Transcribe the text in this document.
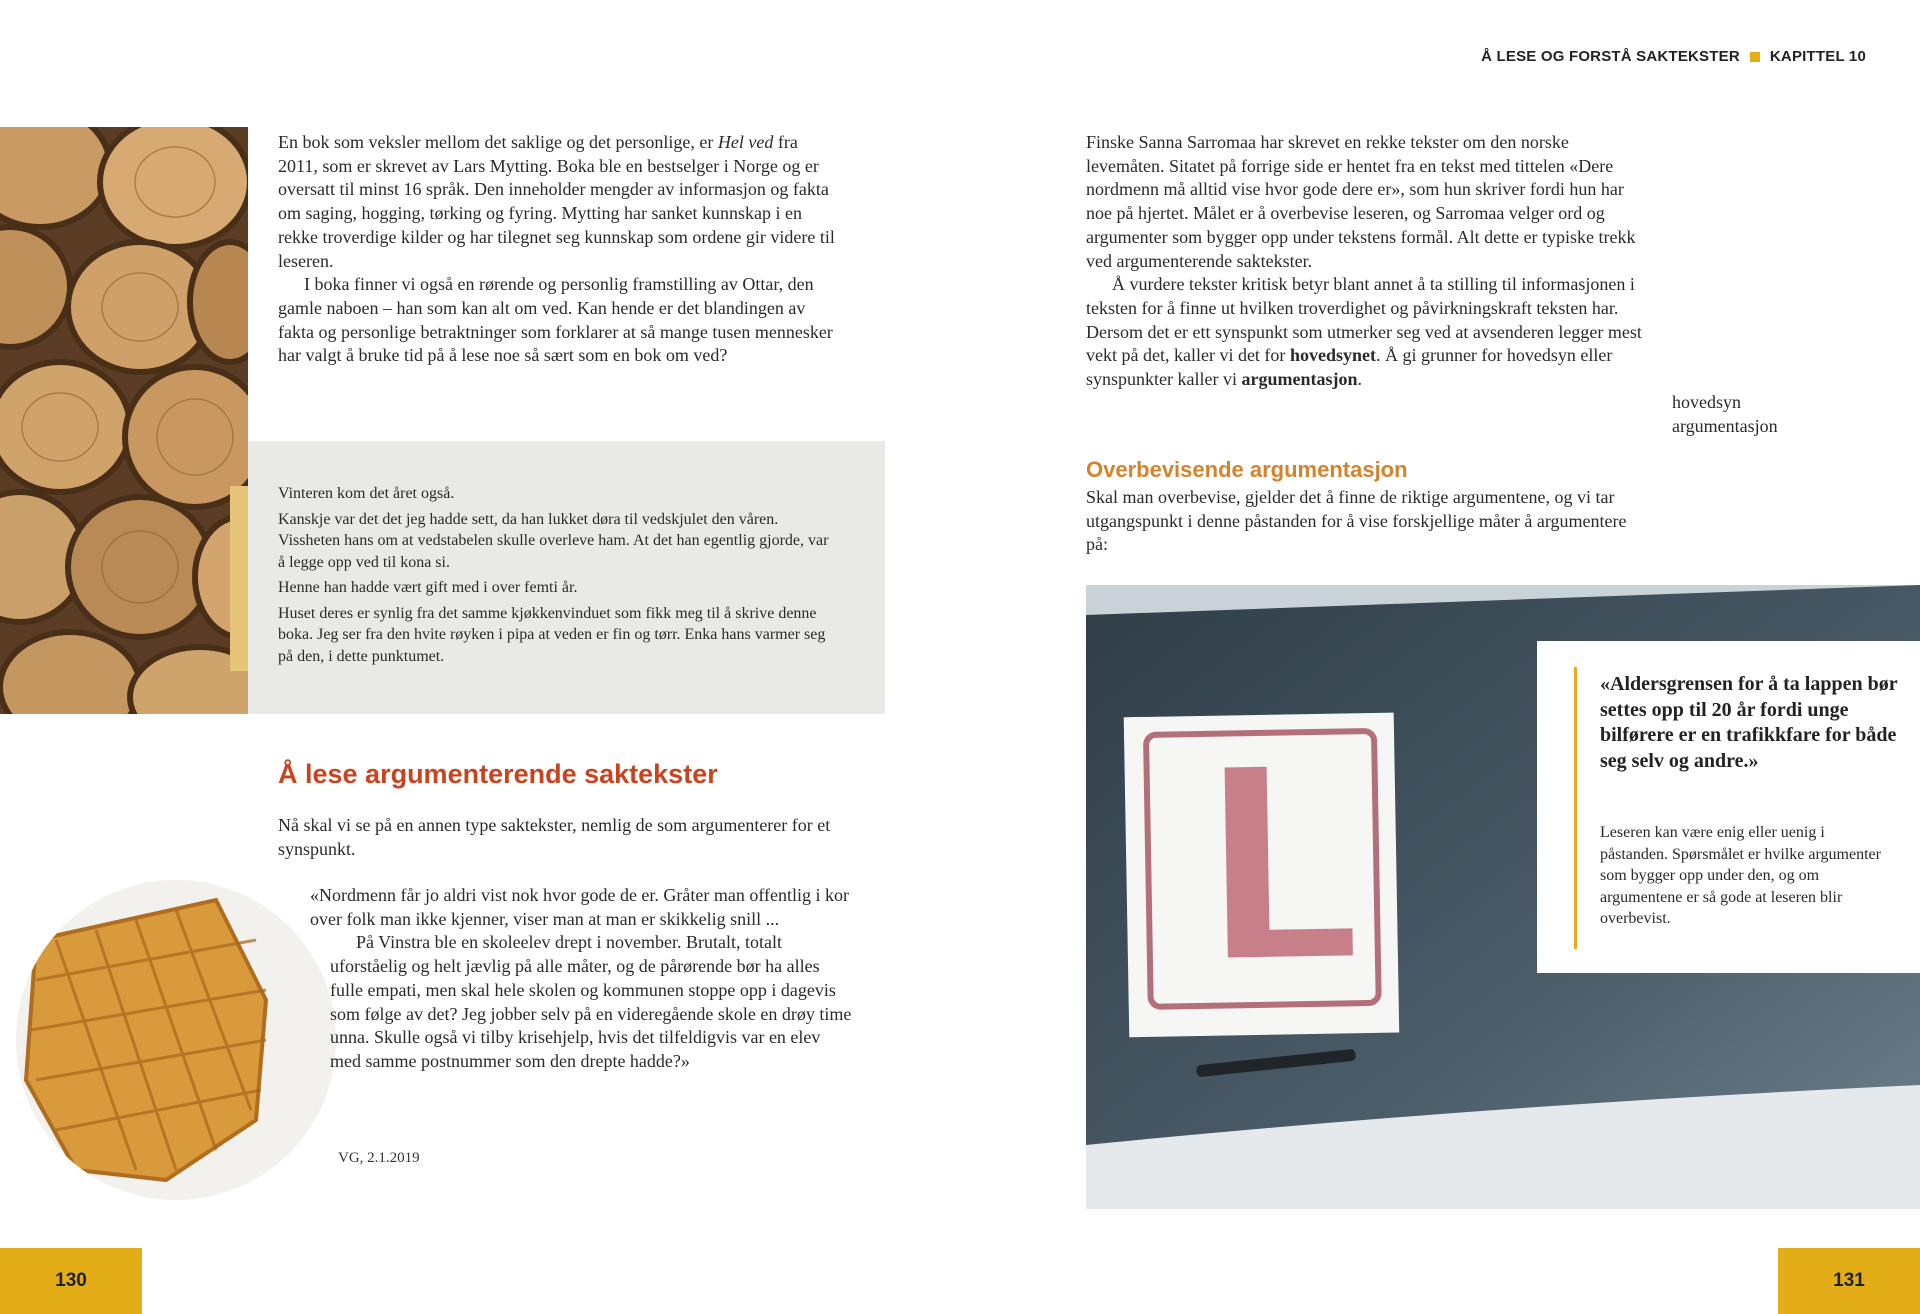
Å LESE OG FORSTÅ SAKTEKSTER KAPITTEL 10

En bok som veksler mellom det saklige og det personlige, er Hel ved fra 2011, som er skrevet av Lars Mytting. Boka ble en bestselger i Norge og er oversatt til minst 16 språk. Den inneholder mengder av informasjon og fakta om saging, hogging, tørking og fyring. Mytting har sanket kunnskap i en rekke troverdige kilder og har tilegnet seg kunnskap som ordene gir videre til leseren.

I boka finner vi også en rørende og personlig framstilling av Ottar, den gamle naboen – han som kan alt om ved. Kan hende er det blandingen av fakta og personlige betraktninger som forklarer at så mange tusen mennesker har valgt å bruke tid på å lese noe så sært som en bok om ved?

Vinteren kom det året også.

Kanskje var det det jeg hadde sett, da han lukket døra til vedskjulet den våren. Vissheten hans om at vedstabelen skulle overleve ham. At det han egentlig gjorde, var å legge opp ved til kona si.

Henne han hadde vært gift med i over femti år.

Huset deres er synlig fra det samme kjøkkenvinduet som fikk meg til å skrive denne boka. Jeg ser fra den hvite røyken i pipa at veden er fin og tørr. Enka hans varmer seg på den, i dette punktumet.

Å lese argumenterende saktekster
Nå skal vi se på en annen type saktekster, nemlig de som argumenterer for et synspunkt.

«Nordmenn får jo aldri vist nok hvor gode de er. Gråter man offentlig i kor over folk man ikke kjenner, viser man at man er skikkelig snill ...

På Vinstra ble en skoleelev drept i november. Brutalt, totalt uforståelig og helt jævlig på alle måter, og de pårørende bør ha alles fulle empati, men skal hele skolen og kommunen stoppe opp i dagevis som følge av det? Jeg jobber selv på en videregående skole en drøy time unna. Skulle også vi tilby krisehjelp, hvis det tilfeldigvis var en elev med samme postnummer som den drepte hadde?»

VG, 2.1.2019

Finske Sanna Sarromaa har skrevet en rekke tekster om den norske levemåten. Sitatet på forrige side er hentet fra en tekst med tittelen «Dere nordmenn må alltid vise hvor gode dere er», som hun skriver fordi hun har noe på hjertet. Målet er å overbevise leseren, og Sarromaa velger ord og argumenter som bygger opp under tekstens formål. Alt dette er typiske trekk ved argumenterende saktekster.

Å vurdere tekster kritisk betyr blant annet å ta stilling til informasjonen i teksten for å finne ut hvilken troverdighet og påvirkningskraft teksten har. Dersom det er ett synspunkt som utmerker seg ved at avsenderen legger mest vekt på det, kaller vi det for hovedsynet. Å gi grunner for hovedsyn eller synspunkter kaller vi argumentasjon.

hovedsyn
argumentasjon
Overbevisende argumentasjon
Skal man overbevise, gjelder det å finne de riktige argumentene, og vi tar utgangspunkt i denne påstanden for å vise forskjellige måter å argumentere på:
«Aldersgrensen for å ta lappen bør settes opp til 20 år fordi unge bilførere er en trafikkfare for både seg selv og andre.»
Leseren kan være enig eller uenig i påstanden. Spørsmålet er hvilke argumenter som bygger opp under den, og om argumentene er så gode at leseren blir overbevist.
130	131
